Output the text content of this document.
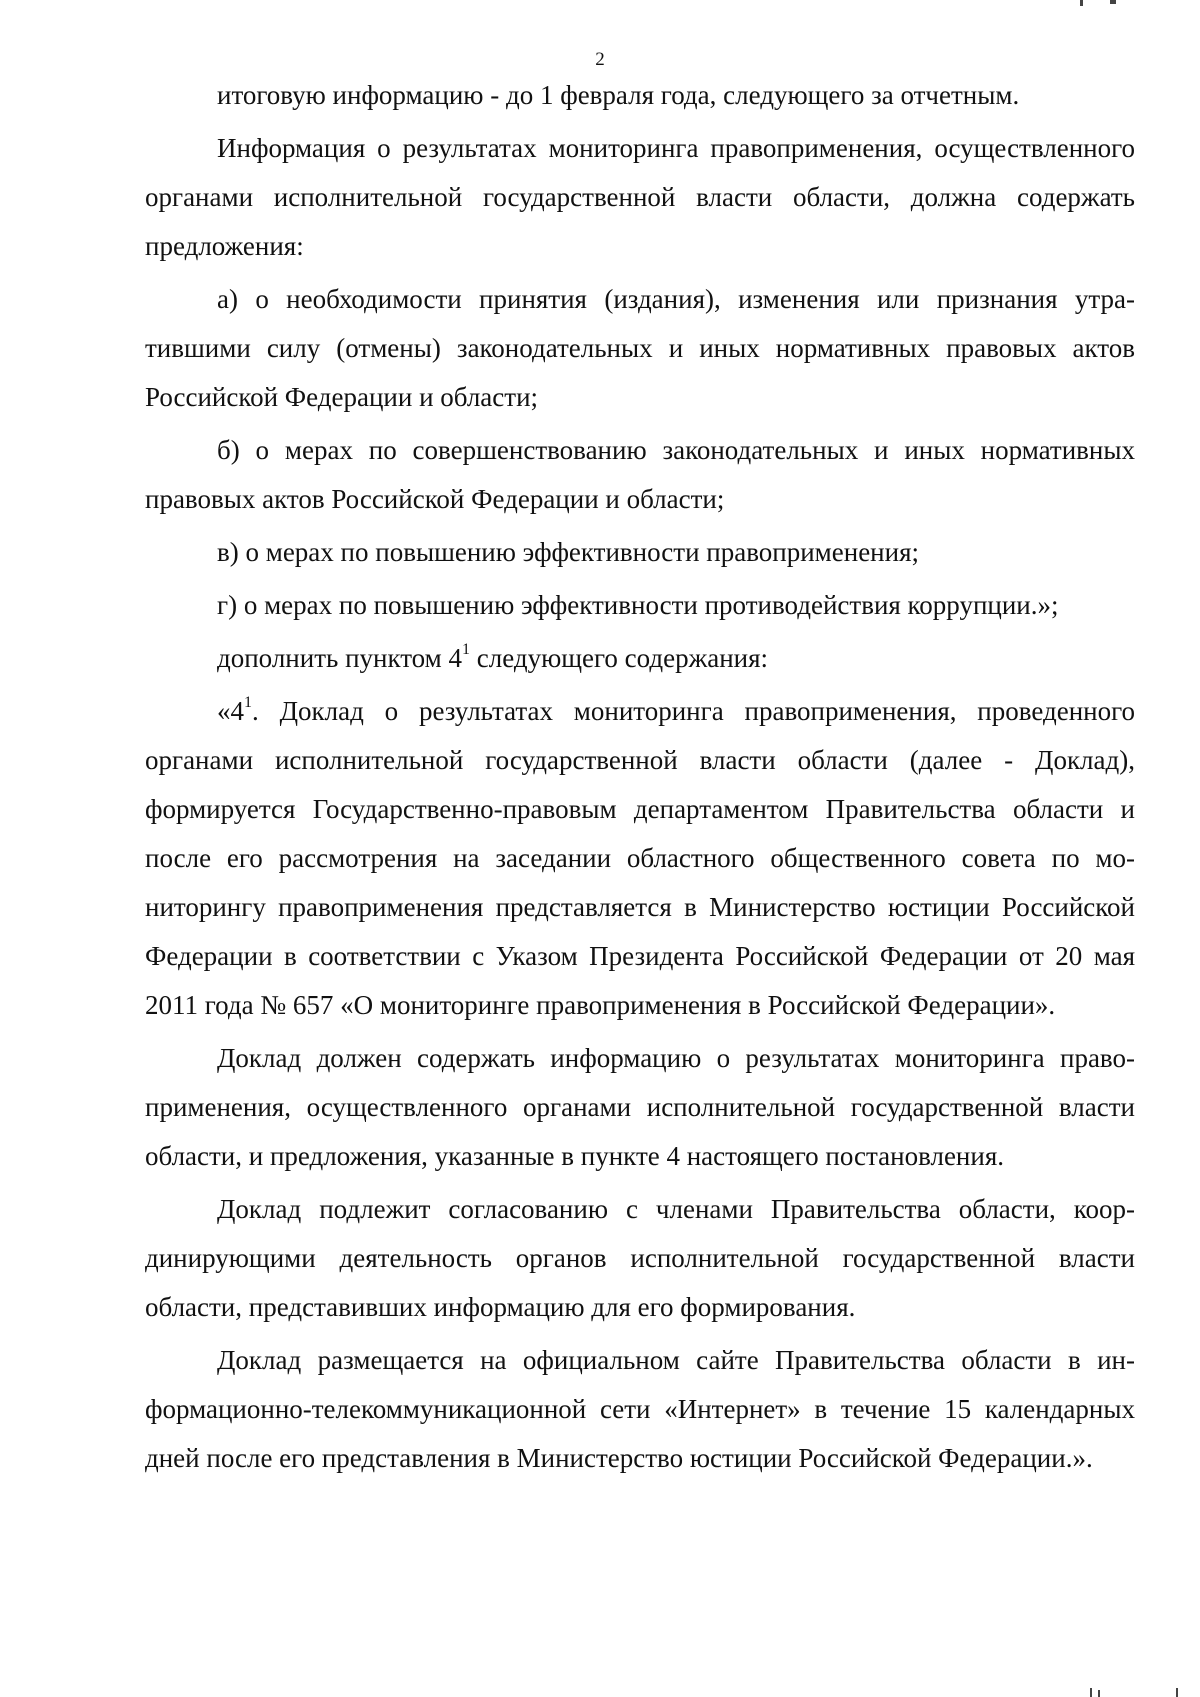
2

итоговую информацию - до 1 февраля года, следующего за отчетным.

Информация о результатах мониторинга правоприменения, осуществленного органами исполнительной государственной власти области, должна содержать предложения:

а) о необходимости принятия (издания), изменения или признания утратившими силу (отмены) законодательных и иных нормативных правовых актов Российской Федерации и области;

б) о мерах по совершенствованию законодательных и иных нормативных правовых актов Российской Федерации и области;

в) о мерах по повышению эффективности правоприменения;

г) о мерах по повышению эффективности противодействия коррупции.»;

дополнить пунктом $4^1$ следующего содержания:

«$4^1$. Доклад о результатах мониторинга правоприменения, проведенного органами исполнительной государственной власти области (далее - Доклад), формируется Государственно-правовым департаментом Правительства области и после его рассмотрения на заседании областного общественного совета по мониторингу правоприменения представляется в Министерство юстиции Российской Федерации в соответствии с Указом Президента Российской Федерации от 20 мая 2011 года № 657 «О мониторинге правоприменения в Российской Федерации».

Доклад должен содержать информацию о результатах мониторинга правоприменения, осуществленного органами исполнительной государственной власти области, и предложения, указанные в пункте 4 настоящего постановления.

Доклад подлежит согласованию с членами Правительства области, координирующими деятельность органов исполнительной государственной власти области, представивших информацию для его формирования.

Доклад размещается на официальном сайте Правительства области в информационно-телекоммуникационной сети «Интернет» в течение 15 календарных дней после его представления в Министерство юстиции Российской Федерации.».
